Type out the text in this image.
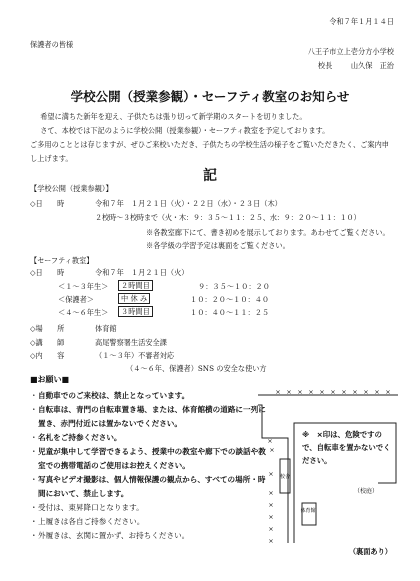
令和７年１月１４日
保護者の皆様
八王子市立上壱分方小学校
校長	山久保　正治
学校公開（授業参観）・セーフティ教室のお知らせ
希望に満ちた新年を迎え、子供たちは張り切って新学期のスタートを切りました。
さて、本校では下記のように学校公開（授業参観）・セーフティ教室を予定しております。
ご多用のこととは存じますが、ぜひご来校いただき、子供たちの学校生活の様子をご覧いただきたく、ご案内申し上げます。
記
【学校公開（授業参観）】
◇日　　時	令和７年　１月２１日（火）・２２日（水）・２３日（木）
２校時～３校時まで（火・木：９：３５～１１：２５、水：９：２０～１１：１０）
※各教室廊下にて、書き初めを展示しております。あわせてご覧ください。
※各学級の学習予定は裏面をご覧ください。
【セーフティ教室】
◇日　　時	令和７年　１月２１日（火）
＜１～３年生＞	２時間目	９：３５～１０：２０
＜保護者＞	中 休 み	１０：２０～１０：４０
＜４～６年生＞	３時間目	１０：４０～１１：２５
◇場　　所	体育館
◇講　　師	高尾警察署生活安全課
◇内　　容	（１～３年）不審者対応
（４～６年、保護者）SNS の安全な使い方
■お願い■
・ 自動車でのご来校は、禁止となっています。
・ 自転車は、青門の自転車置き場、または、体育館横の道路に一列に置き、赤門付近には置かないでください。
・ 名札をご持参ください。
・ 児童が集中して学習できるよう、授業中の教室や廊下での談話や教室での携帯電話のご使用はお控えください。
・ 写真やビデオ撮影は、個人情報保護の観点から、すべての場所・時間において、禁止します。
・ 受付は、東昇降口となります。
・ 上履きは各自ご持参ください。
・ 外履きは、玄関に置かず、お持ちください。
× × × × × × × × × × ×
×
×
×
×
×
×
×
×
体育館
校舎
（校庭）
※　×印は、危険ですので、自転車を置かないでください。
（裏面あり）
